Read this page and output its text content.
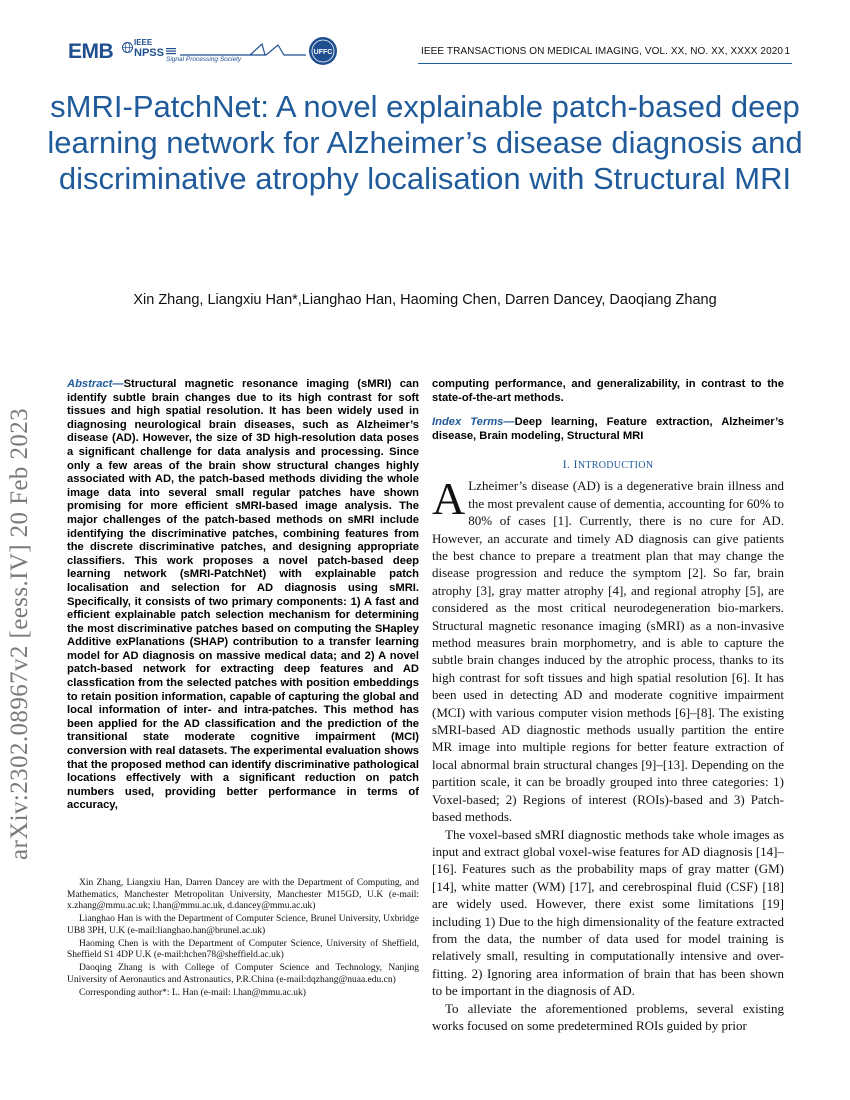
EMB	IEEE
NPSS
Signal Processing Society
UFFC	IEEE TRANSACTIONS ON MEDICAL IMAGING, VOL. XX, NO. XX, XXXX 2020 1
sMRI-PatchNet: A novel explainable patch-based deep learning network for Alzheimer’s disease diagnosis and discriminative atrophy localisation with Structural MRI
Xin Zhang, Liangxiu Han*,Lianghao Han, Haoming Chen, Darren Dancey, Daoqiang Zhang
arXiv:2302.08967v2 [eess.IV] 20 Feb 2023

Abstract—Structural magnetic resonance imaging (sMRI) can identify subtle brain changes due to its high contrast for soft tissues and high spatial resolution. It has been widely used in diagnosing neurological brain diseases, such as Alzheimer’s disease (AD). However, the size of 3D high-resolution data poses a significant challenge for data analysis and processing. Since only a few areas of the brain show structural changes highly associated with AD, the patch-based methods dividing the whole image data into several small regular patches have shown promising for more efficient sMRI-based image analysis. The major challenges of the patch-based methods on sMRI include identifying the discriminative patches, combining features from the discrete discriminative patches, and designing appropriate classifiers. This work proposes a novel patch-based deep learning network (sMRI-PatchNet) with explainable patch localisation and selection for AD diagnosis using sMRI. Specifically, it consists of two primary components: 1) A fast and efficient explainable patch selection mechanism for determining the most discriminative patches based on computing the SHapley Additive exPlanations (SHAP) contribution to a transfer learning model for AD diagnosis on massive medical data; and 2) A novel patch-based network for extracting deep features and AD classfication from the selected patches with position embeddings to retain position information, capable of capturing the global and local information of inter- and intra-patches. This method has been applied for the AD classification and the prediction of the transitional state moderate cognitive impairment (MCI) conversion with real datasets. The experimental evaluation shows that the proposed method can identify discriminative pathological locations effectively with a significant reduction on patch numbers used, providing better performance in terms of accuracy,

Xin Zhang, Liangxiu Han, Darren Dancey are with the Department of Computing, and Mathematics, Manchester Metropolitan University, Manchester M15GD, U.K (e-mail: x.zhang@mmu.ac.uk; l.han@mmu.ac.uk, d.dancey@mmu.ac.uk)

Lianghao Han is with the Department of Computer Science, Brunel University, Uxbridge UB8 3PH, U.K (e-mail:lianghao.han@brunel.ac.uk)

Haoming Chen is with the Department of Computer Science, University of Sheffield, Sheffield S1 4DP U.K (e-mail:hchen78@sheffield.ac.uk)

Daoqing Zhang is with College of Computer Science and Technology, Nanjing University of Aeronautics and Astronautics, P.R.China (e-mail:dqzhang@nuaa.edu.cn)

Corresponding author*: L. Han (e-mail: l.han@mmu.ac.uk)

computing performance, and generalizability, in contrast to the state-of-the-art methods.

Index Terms—Deep learning, Feature extraction, Alzheimer’s disease, Brain modeling, Structural MRI

I. INTRODUCTION

A Lzheimer’s disease (AD) is a degenerative brain illness and the most prevalent cause of dementia, accounting for 60% to 80% of cases [1]. Currently, there is no cure for AD. However, an accurate and timely AD diagnosis can give patients the best chance to prepare a treatment plan that may change the disease progression and reduce the symptom [2]. So far, brain atrophy [3], gray matter atrophy [4], and regional atrophy [5], are considered as the most critical neurodegeneration bio-markers. Structural magnetic resonance imaging (sMRI) as a non-invasive method measures brain morphometry, and is able to capture the subtle brain changes induced by the atrophic process, thanks to its high contrast for soft tissues and high spatial resolution [6]. It has been used in detecting AD and moderate cognitive impairment (MCI) with various computer vision methods [6]–[8]. The existing sMRI-based AD diagnostic methods usually partition the entire MR image into multiple regions for better feature extraction of local abnormal brain structural changes [9]–[13]. Depending on the partition scale, it can be broadly grouped into three categories: 1) Voxel-based; 2) Regions of interest (ROIs)-based and 3) Patch-based methods.

The voxel-based sMRI diagnostic methods take whole images as input and extract global voxel-wise features for AD diagnosis [14]–[16]. Features such as the probability maps of gray matter (GM) [14], white matter (WM) [17], and cerebrospinal fluid (CSF) [18] are widely used. However, there exist some limitations [19] including 1) Due to the high dimensionality of the feature extracted from the data, the number of data used for model training is relatively small, resulting in computationally intensive and over-fitting. 2) Ignoring area information of brain that has been shown to be important in the diagnosis of AD.

To alleviate the aforementioned problems, several existing works focused on some predetermined ROIs guided by prior
